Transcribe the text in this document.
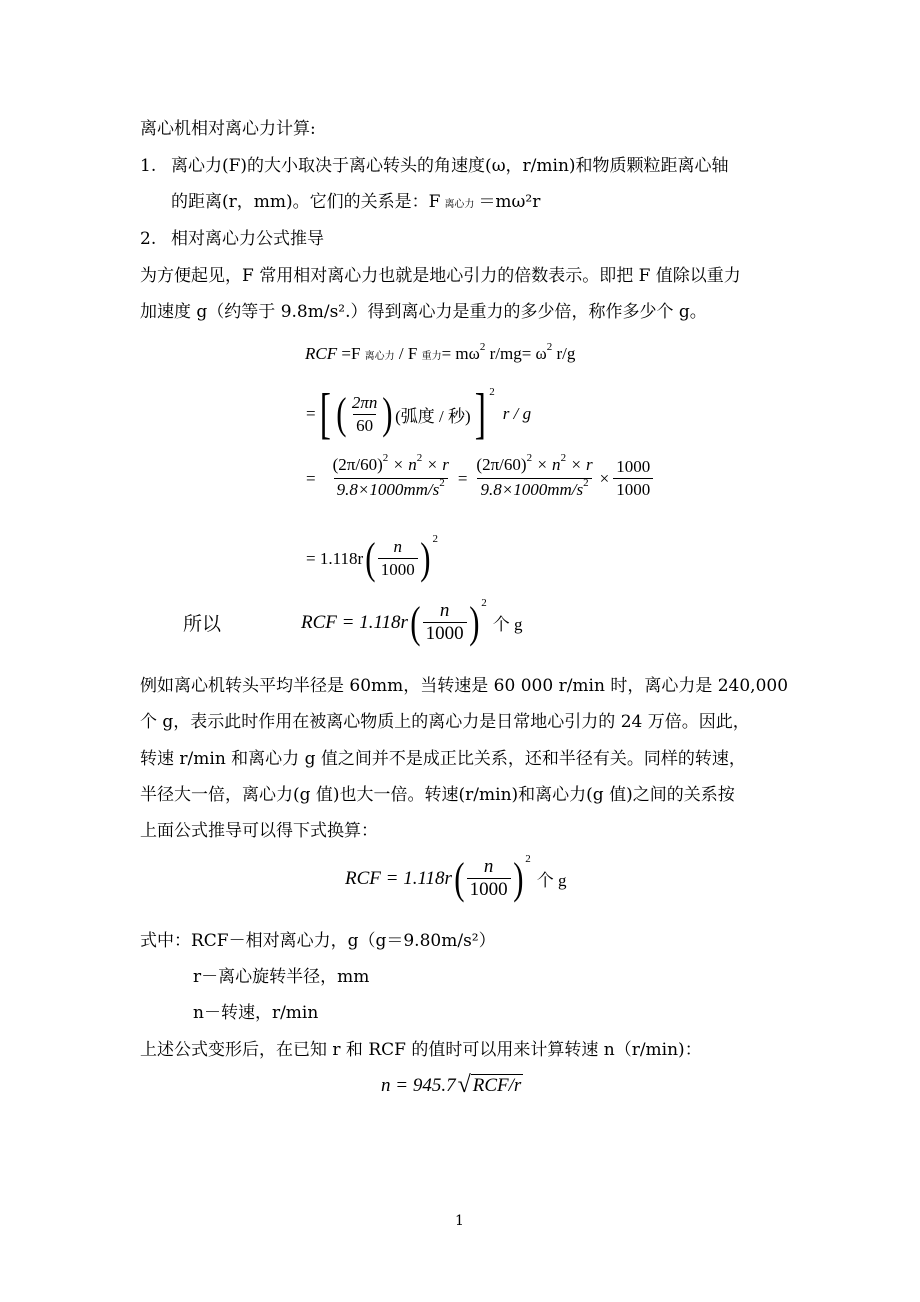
离心机相对离心力计算:
1. 离心力(F)的大小取决于离心转头的角速度(ω，r/min)和物质颗粒距离心轴
的距离(r，mm)。它们的关系是：F 离心力 ＝mω²r
2. 相对离心力公式推导
为方便起见，F 常用相对离心力也就是地心引力的倍数表示。即把 F 值除以重力
加速度 g（约等于 9.8m/s².）得到离心力是重力的多少倍，称作多少个 g。
RCF =F 离心力 / F 重力= $m\omega^2$ $r/mg= \omega^2$ r/g
= [ ( $\frac{2\pi n}{60}$ ) (弧度 / 秒) ] 2
r / g
= $\frac{(2\pi/60)^2 \times n^2 \times r}{9.8\times 1000mm/s^2} = \frac{(2\pi/60)^2 \times n^2 \times r}{9.8\times 1000mm/s^2} \times \frac{1000}{1000}$
= 1.118r ( $\frac{n}{1000}$ ) 2
所以	RCF = 1.118r ( $\frac{n}{1000}$ ) 2
个 g
例如离心机转头平均半径是 60mm，当转速是 60 000 r/min 时，离心力是 240,000
个 g，表示此时作用在被离心物质上的离心力是日常地心引力的 24 万倍。因此，
转速 r/min 和离心力 g 值之间并不是成正比关系，还和半径有关。同样的转速，
半径大一倍，离心力(g 值)也大一倍。转速(r/min)和离心力(g 值)之间的关系按
上面公式推导可以得下式换算：
RCF = 1.118r ( $\frac{n}{1000}$ ) 2
个 g
式中：RCF－相对离心力，g（g＝9.80m/s²）
r－离心旋转半径，mm
n－转速，r/min
上述公式变形后，在已知 r 和 RCF 的值时可以用来计算转速 n（r/min)：
n = 945.7 √ RCF/r
1
